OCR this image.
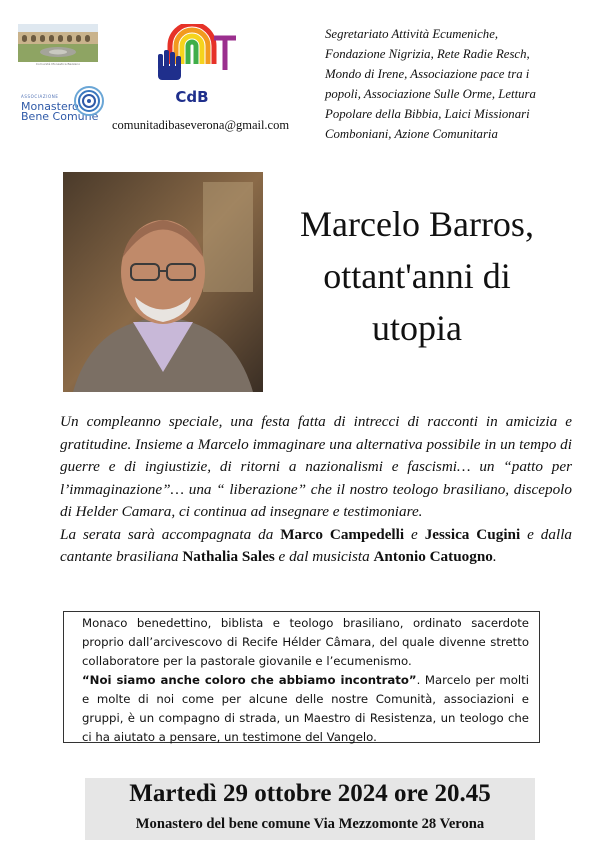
Comunità Monastica Bazzano
ASSOCIAZIONE
Monastero
Bene Comune
CdB
comunitadibaseverona@gmail.com
Segretariato Attività Ecumeniche,
Fondazione Nigrizia, Rete Radie Resch,
Mondo di Irene, Associazione pace tra i
popoli, Associazione Sulle Orme, Lettura
Popolare della Bibbia, Laici Missionari
Comboniani, Azione Comunitaria
Marcelo Barros,
ottant'anni di
utopia

Un compleanno speciale, una festa fatta di intrecci di racconti in amicizia e gratitudine. Insieme a Marcelo immaginare una alternativa possibile in un tempo di guerre e di ingiustizie, di ritorni a nazionalismi e fascismi… un “patto per l’immaginazione”… una “ liberazione” che il nostro teologo brasiliano, discepolo di Helder Camara, ci continua ad insegnare e testimoniare.

La serata sarà accompagnata da Marco Campedelli e Jessica Cugini e dalla cantante brasiliana Nathalia Sales e dal musicista Antonio Catuogno.

Monaco benedettino, biblista e teologo brasiliano, ordinato sacerdote proprio dall’arcivescovo di Recife Hélder Câmara, del quale divenne stretto collaboratore per la pastorale giovanile e l’ecumenismo.
“Noi siamo anche coloro che abbiamo incontrato”. Marcelo per molti e molte di noi come per alcune delle nostre Comunità, associazioni e gruppi, è un compagno di strada, un Maestro di Resistenza, un teologo che ci ha aiutato a pensare, un testimone del Vangelo.

Martedì 29 ottobre 2024 ore 20.45
Monastero del bene comune Via Mezzomonte 28 Verona
